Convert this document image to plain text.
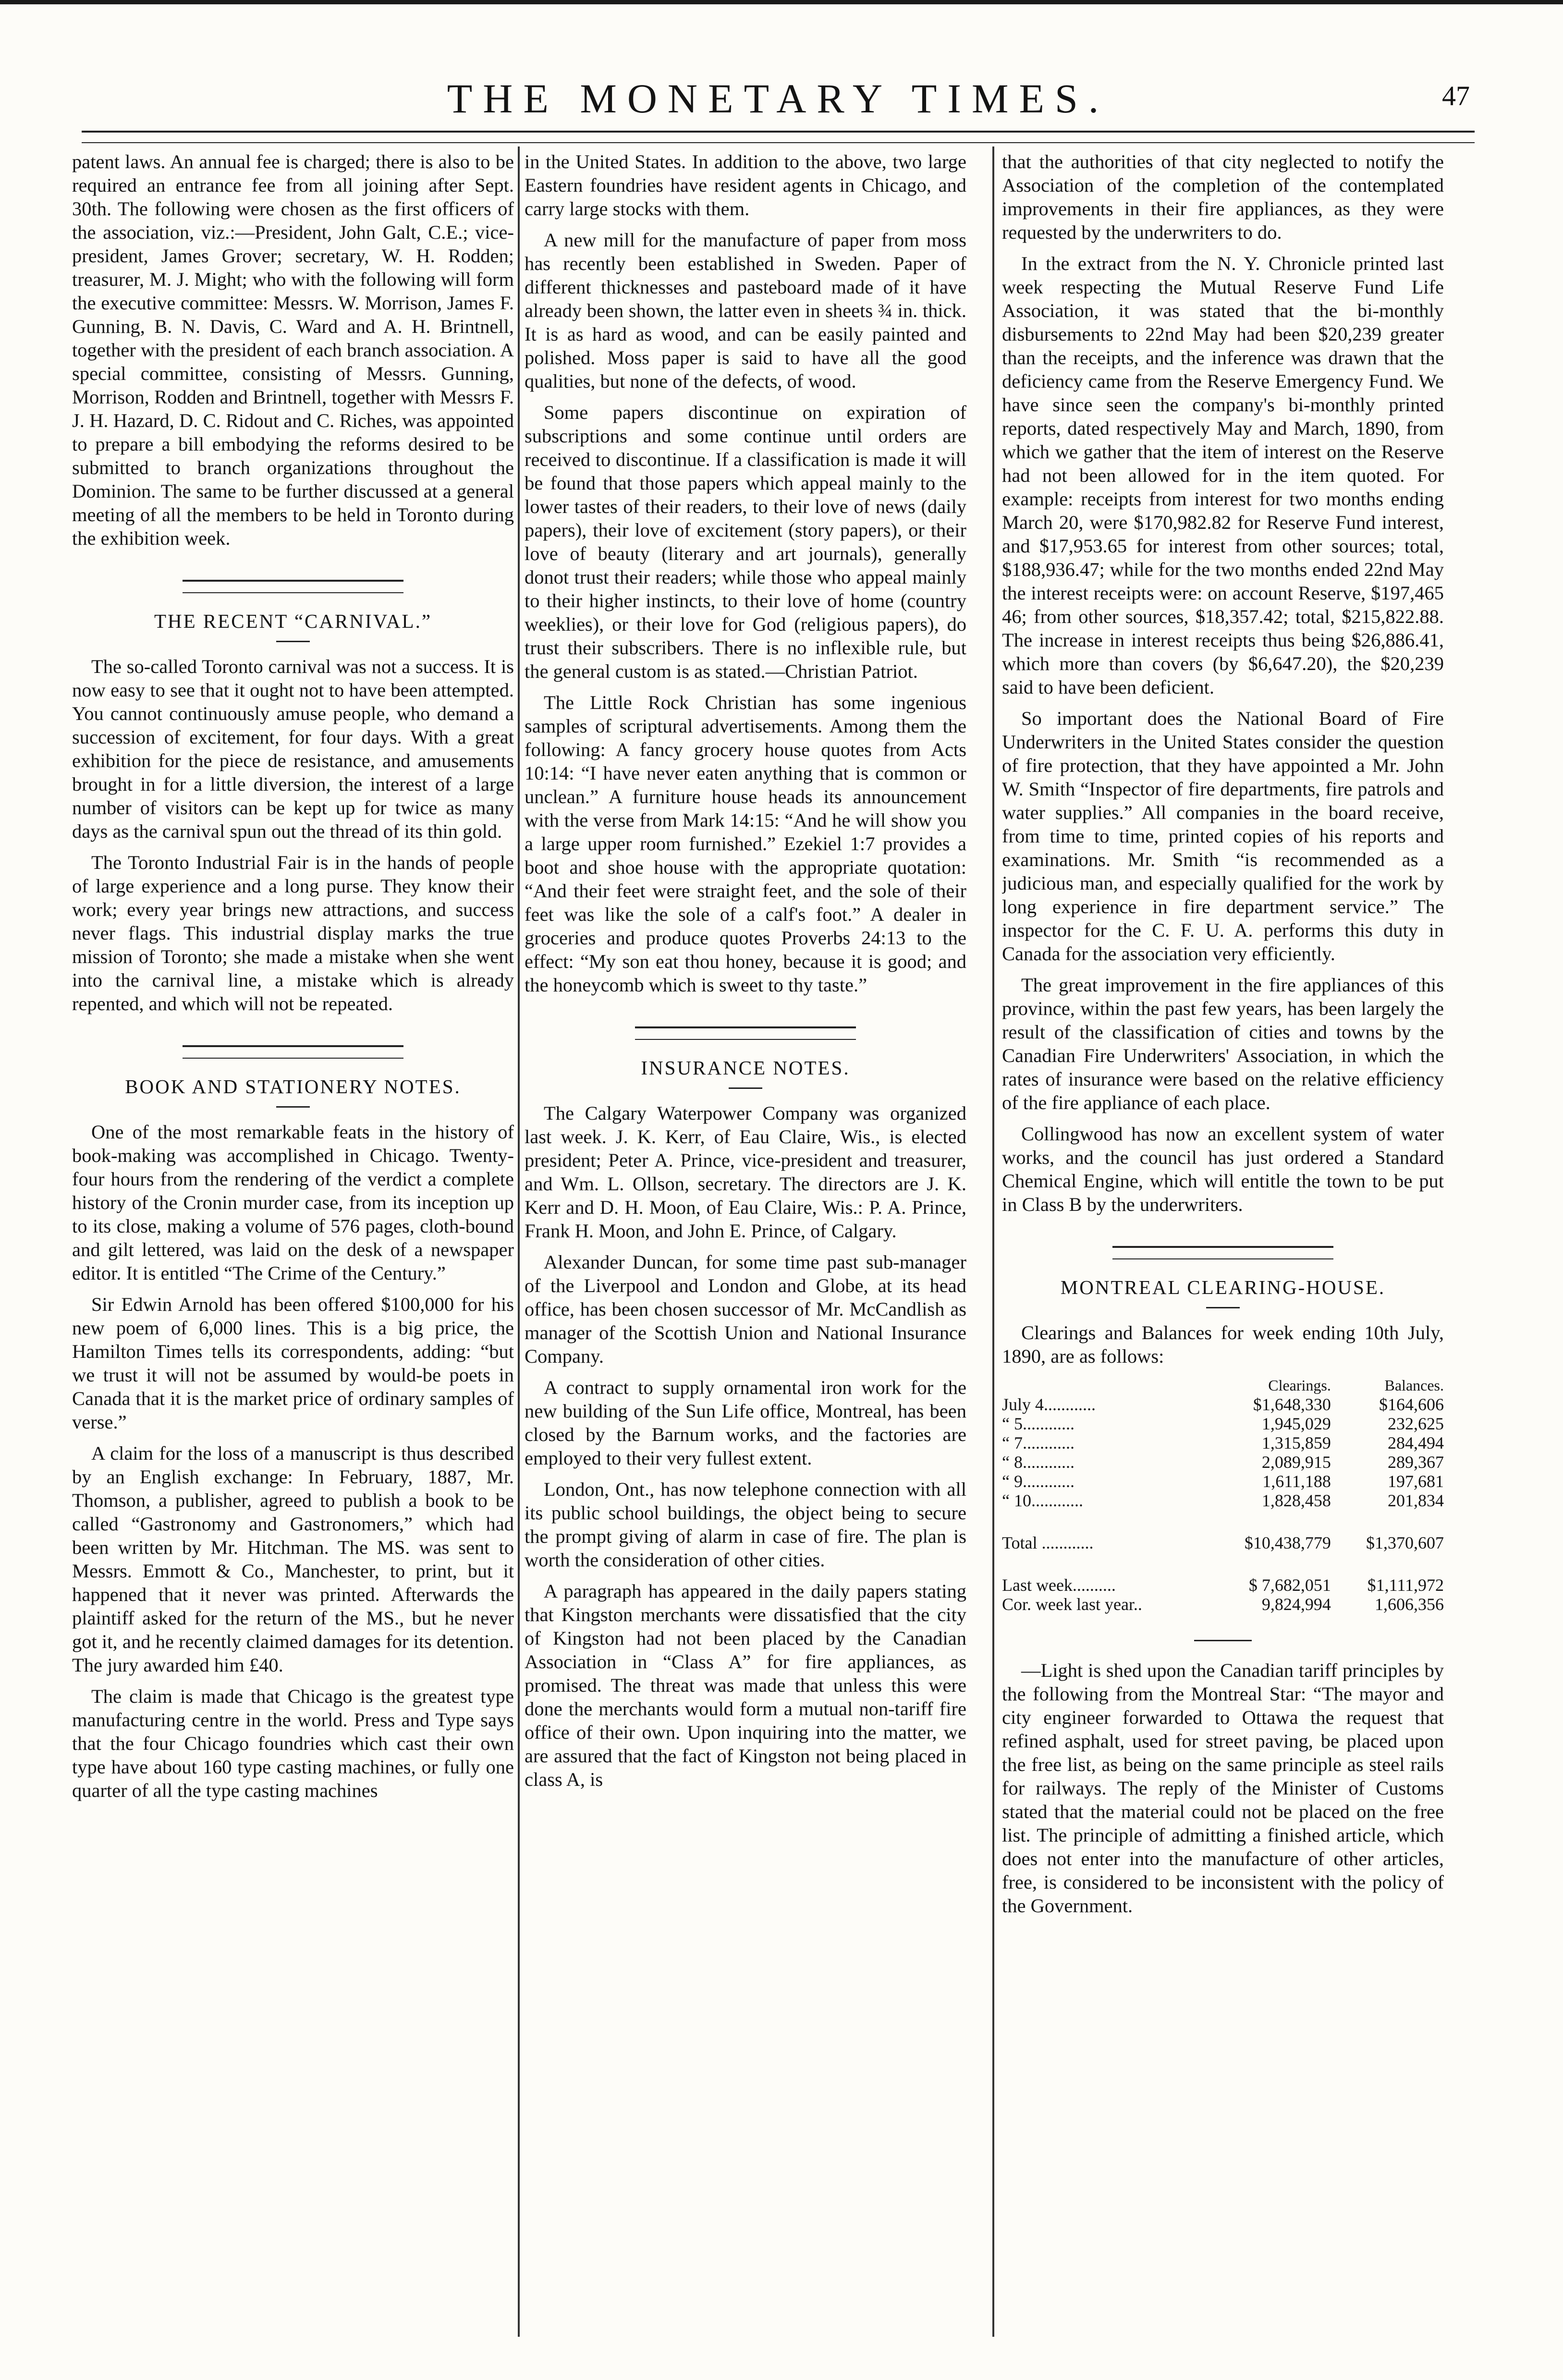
THE MONETARY TIMES.	47

patent laws. An annual fee is charged; there is also to be required an entrance fee from all joining after Sept. 30th. The following were chosen as the first officers of the association, viz.:—President, John Galt, C.E.; vice-president, James Grover; secretary, W. H. Rodden; treasurer, M. J. Might; who with the following will form the executive committee: Messrs. W. Morrison, James F. Gunning, B. N. Davis, C. Ward and A. H. Brintnell, together with the president of each branch association. A special committee, consisting of Messrs. Gunning, Morrison, Rodden and Brintnell, together with Messrs F. J. H. Hazard, D. C. Ridout and C. Riches, was appointed to prepare a bill embodying the reforms desired to be submitted to branch organizations throughout the Dominion. The same to be further discussed at a general meeting of all the members to be held in Toronto during the exhibition week.

THE RECENT “CARNIVAL.”

The so-called Toronto carnival was not a success. It is now easy to see that it ought not to have been attempted. You cannot continuously amuse people, who demand a succession of excitement, for four days. With a great exhibition for the piece de resistance, and amusements brought in for a little diversion, the interest of a large number of visitors can be kept up for twice as many days as the carnival spun out the thread of its thin gold.

The Toronto Industrial Fair is in the hands of people of large experience and a long purse. They know their work; every year brings new attractions, and success never flags. This industrial display marks the true mission of Toronto; she made a mistake when she went into the carnival line, a mistake which is already repented, and which will not be repeated.

BOOK AND STATIONERY NOTES.

One of the most remarkable feats in the history of book-making was accomplished in Chicago. Twenty-four hours from the rendering of the verdict a complete history of the Cronin murder case, from its inception up to its close, making a volume of 576 pages, cloth-bound and gilt lettered, was laid on the desk of a newspaper editor. It is entitled “The Crime of the Century.”

Sir Edwin Arnold has been offered $100,000 for his new poem of 6,000 lines. This is a big price, the Hamilton Times tells its correspondents, adding: “but we trust it will not be assumed by would-be poets in Canada that it is the market price of ordinary samples of verse.”

A claim for the loss of a manuscript is thus described by an English exchange: In February, 1887, Mr. Thomson, a publisher, agreed to publish a book to be called “Gastronomy and Gastronomers,” which had been written by Mr. Hitchman. The MS. was sent to Messrs. Emmott & Co., Manchester, to print, but it happened that it never was printed. Afterwards the plaintiff asked for the return of the MS., but he never got it, and he recently claimed damages for its detention. The jury awarded him £40.

The claim is made that Chicago is the greatest type manufacturing centre in the world. Press and Type says that the four Chicago foundries which cast their own type have about 160 type casting machines, or fully one quarter of all the type casting machines

in the United States. In addition to the above, two large Eastern foundries have resident agents in Chicago, and carry large stocks with them.

A new mill for the manufacture of paper from moss has recently been established in Sweden. Paper of different thicknesses and pasteboard made of it have already been shown, the latter even in sheets ¾ in. thick. It is as hard as wood, and can be easily painted and polished. Moss paper is said to have all the good qualities, but none of the defects, of wood.

Some papers discontinue on expiration of subscriptions and some continue until orders are received to discontinue. If a classification is made it will be found that those papers which appeal mainly to the lower tastes of their readers, to their love of news (daily papers), their love of excitement (story papers), or their love of beauty (literary and art journals), generally donot trust their readers; while those who appeal mainly to their higher instincts, to their love of home (country weeklies), or their love for God (religious papers), do trust their subscribers. There is no inflexible rule, but the general custom is as stated.—Christian Patriot.

The Little Rock Christian has some ingenious samples of scriptural advertisements. Among them the following: A fancy grocery house quotes from Acts 10:14: “I have never eaten anything that is common or unclean.” A furniture house heads its announcement with the verse from Mark 14:15: “And he will show you a large upper room furnished.” Ezekiel 1:7 provides a boot and shoe house with the appropriate quotation: “And their feet were straight feet, and the sole of their feet was like the sole of a calf's foot.” A dealer in groceries and produce quotes Proverbs 24:13 to the effect: “My son eat thou honey, because it is good; and the honeycomb which is sweet to thy taste.”

INSURANCE NOTES.

The Calgary Waterpower Company was organized last week. J. K. Kerr, of Eau Claire, Wis., is elected president; Peter A. Prince, vice-president and treasurer, and Wm. L. Ollson, secretary. The directors are J. K. Kerr and D. H. Moon, of Eau Claire, Wis.: P. A. Prince, Frank H. Moon, and John E. Prince, of Calgary.

Alexander Duncan, for some time past sub-manager of the Liverpool and London and Globe, at its head office, has been chosen successor of Mr. McCandlish as manager of the Scottish Union and National Insurance Company.

A contract to supply ornamental iron work for the new building of the Sun Life office, Montreal, has been closed by the Barnum works, and the factories are employed to their very fullest extent.

London, Ont., has now telephone connection with all its public school buildings, the object being to secure the prompt giving of alarm in case of fire. The plan is worth the consideration of other cities.

A paragraph has appeared in the daily papers stating that Kingston merchants were dissatisfied that the city of Kingston had not been placed by the Canadian Association in “Class A” for fire appliances, as promised. The threat was made that unless this were done the merchants would form a mutual non-tariff fire office of their own. Upon inquiring into the matter, we are assured that the fact of Kingston not being placed in class A, is

that the authorities of that city neglected to notify the Association of the completion of the contemplated improvements in their fire appliances, as they were requested by the underwriters to do.

In the extract from the N. Y. Chronicle printed last week respecting the Mutual Reserve Fund Life Association, it was stated that the bi-monthly disbursements to 22nd May had been $20,239 greater than the receipts, and the inference was drawn that the deficiency came from the Reserve Emergency Fund. We have since seen the company's bi-monthly printed reports, dated respectively May and March, 1890, from which we gather that the item of interest on the Reserve had not been allowed for in the item quoted. For example: receipts from interest for two months ending March 20, were $170,982.82 for Reserve Fund interest, and $17,953.65 for interest from other sources; total, $188,936.47; while for the two months ended 22nd May the interest receipts were: on account Reserve, $197,465 46; from other sources, $18,357.42; total, $215,822.88. The increase in interest receipts thus being $26,886.41, which more than covers (by $6,647.20), the $20,239 said to have been deficient.

So important does the National Board of Fire Underwriters in the United States consider the question of fire protection, that they have appointed a Mr. John W. Smith “Inspector of fire departments, fire patrols and water supplies.” All companies in the board receive, from time to time, printed copies of his reports and examinations. Mr. Smith “is recommended as a judicious man, and especially qualified for the work by long experience in fire department service.” The inspector for the C. F. U. A. performs this duty in Canada for the association very efficiently.

The great improvement in the fire appliances of this province, within the past few years, has been largely the result of the classification of cities and towns by the Canadian Fire Underwriters' Association, in which the rates of insurance were based on the relative efficiency of the fire appliance of each place.

Collingwood has now an excellent system of water works, and the council has just ordered a Standard Chemical Engine, which will entitle the town to be put in Class B by the underwriters.

MONTREAL CLEARING-HOUSE.

Clearings and Balances for week ending 10th July, 1890, are as follows:

	Clearings.	Balances.
July 4............	$1,648,330	$164,606
“ 5............	1,945,029	232,625
“ 7............	1,315,859	284,494
“ 8............	2,089,915	289,367
“ 9............	1,611,188	197,681
“ 10............	1,828,458	201,834
Total ............	$10,438,779	$1,370,607
Last week..........	$ 7,682,051	$1,111,972
Cor. week last year..	9,824,994	1,606,356

—Light is shed upon the Canadian tariff principles by the following from the Montreal Star: “The mayor and city engineer forwarded to Ottawa the request that refined asphalt, used for street paving, be placed upon the free list, as being on the same principle as steel rails for railways. The reply of the Minister of Customs stated that the material could not be placed on the free list. The principle of admitting a finished article, which does not enter into the manufacture of other articles, free, is considered to be inconsistent with the policy of the Government.
